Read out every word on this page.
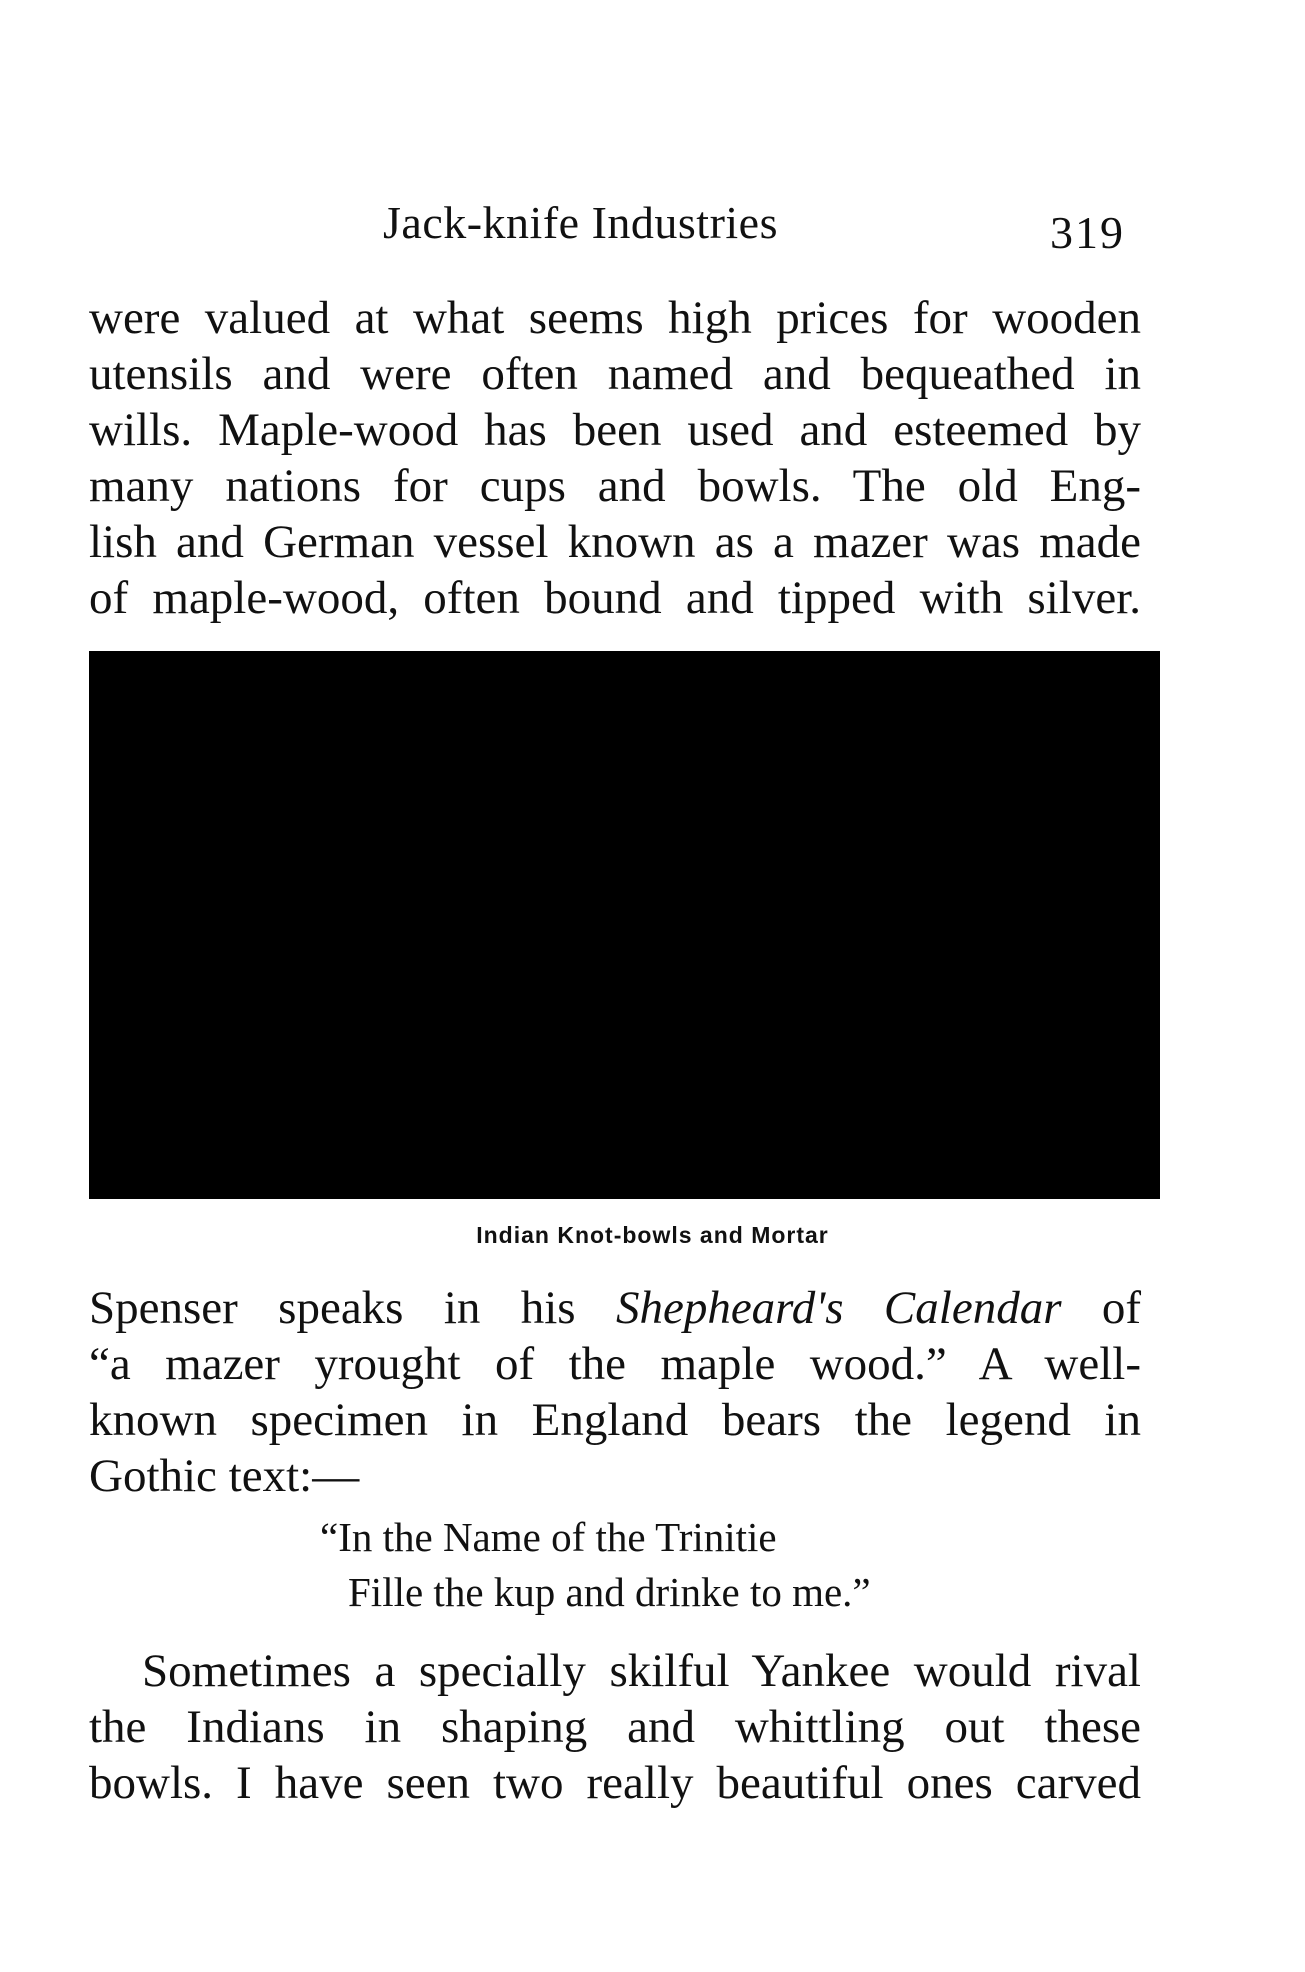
Jack-knife Industries	319
were valued at what seems high prices for wooden
utensils and were often named and bequeathed in
wills. Maple-wood has been used and esteemed by
many nations for cups and bowls. The old Eng-
lish and German vessel known as a mazer was made
of maple-wood, often bound and tipped with silver.
Indian Knot-bowls and Mortar
Spenser speaks in his Shepheard's Calendar of
“a mazer yrought of the maple wood.” A well-
known specimen in England bears the legend in
Gothic text:—
“In the Name of the Trinitie
Fille the kup and drinke to me.”
Sometimes a specially skilful Yankee would rival
the Indians in shaping and whittling out these
bowls. I have seen two really beautiful ones carved
